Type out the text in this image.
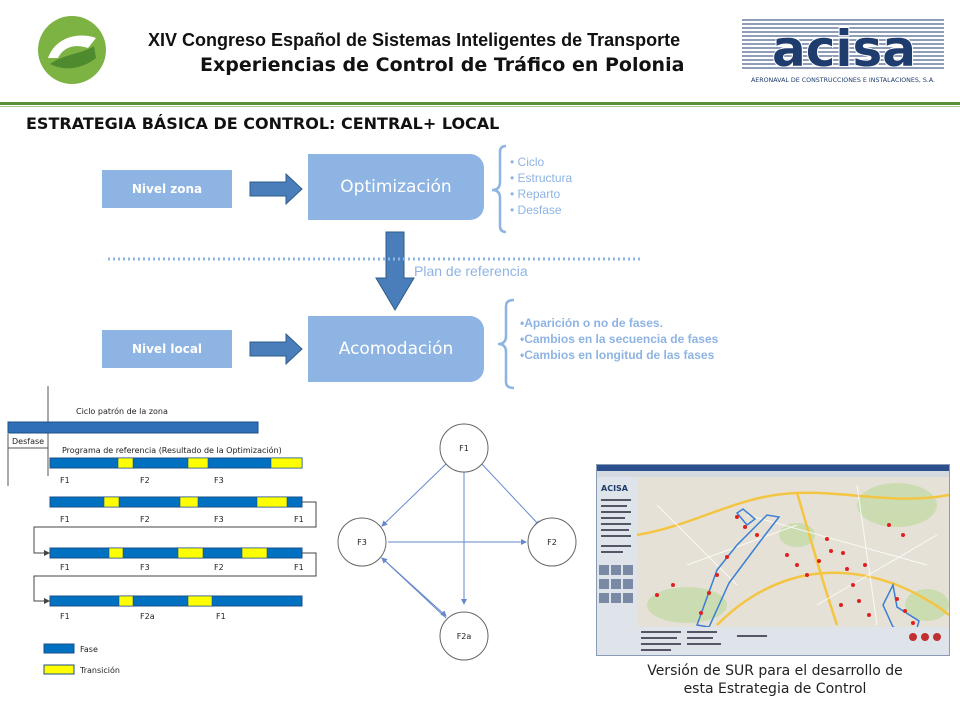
XIV Congreso Español de Sistemas Inteligentes de Transporte
Experiencias de Control de Tráfico en Polonia acisa
AERONAVAL DE CONSTRUCCIONES E INSTALACIONES, S.A.
ESTRATEGIA BÁSICA DE CONTROL: CENTRAL+ LOCAL
Nivel zona
Nivel local
Optimización
Acomodación
• Ciclo
• Estructura
• Reparto
• Desfase
Plan de referencia
•Aparición o no de fases.
•Cambios en la secuencia de fases
•Cambios en longitud de las fases
Ciclo patrón de la zona
Desfase
Programa de referencia (Resultado de la Optimización)
F1	F2	F3
F1	F2	F3	F1
F1	F3	F2	F1
F1	F2a	F1
Fase
Transición
F1
F2
F3
F2a
ACISA
Versión de SUR para el desarrollo de
esta Estrategia de Control
